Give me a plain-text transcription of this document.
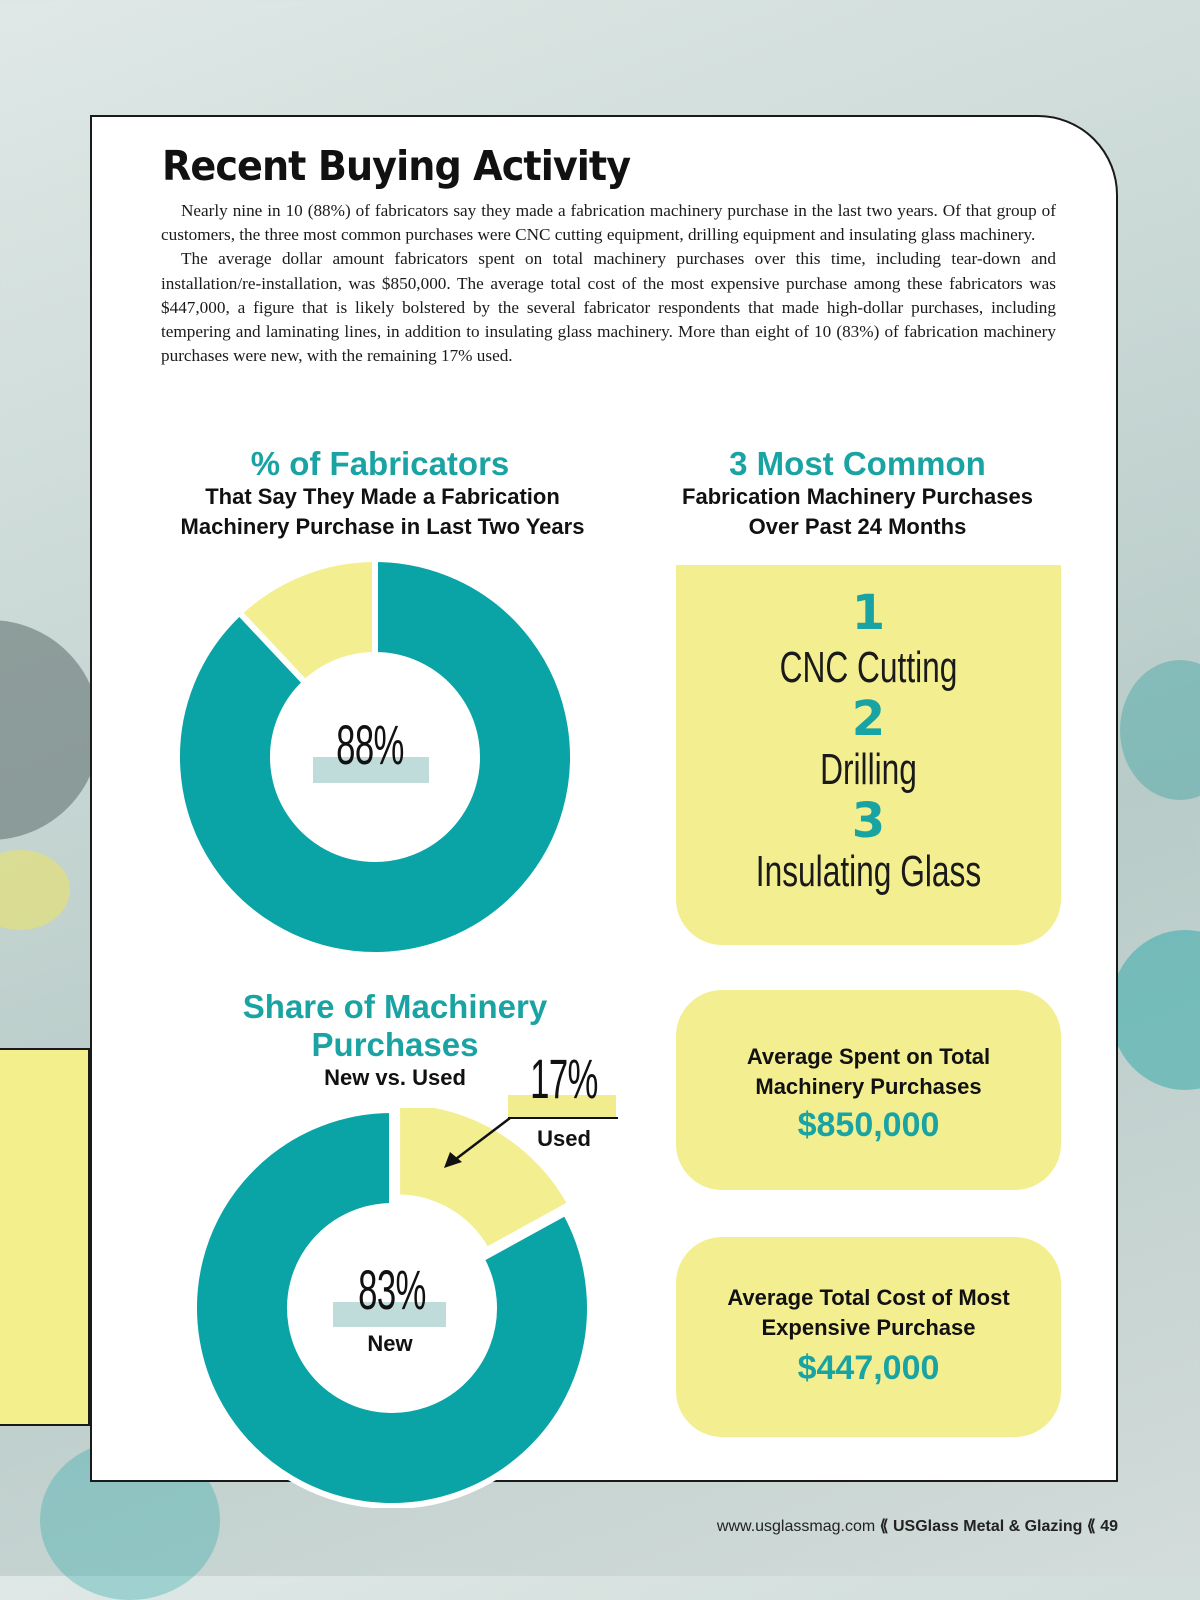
Recent Buying Activity

Nearly nine in 10 (88%) of fabricators say they made a fabrication machinery purchase in the last two years. Of that group of customers, the three most common purchases were CNC cutting equipment, drilling equipment and insulating glass machinery.

The average dollar amount fabricators spent on total machinery purchases over this time, including tear-down and installation/re-installation, was $850,000. The average total cost of the most expensive purchase among these fabricators was $447,000, a figure that is likely bolstered by the several fabricator respondents that made high-dollar purchases, including tempering and laminating lines, in addition to insulating glass machinery. More than eight of 10 (83%) of fabrication machinery purchases were new, with the remaining 17% used.

% of Fabricators
That Say They Made a Fabrication Machinery Purchase in Last Two Years
88%
3 Most Common
Fabrication Machinery Purchases Over Past 24 Months
1
CNC Cutting
2
Drilling
3
Insulating Glass
Share of Machinery Purchases
New vs. Used	17%
Used
83%
New
Average Spent on Total Machinery Purchases
$850,000
Average Total Cost of Most Expensive Purchase
$447,000
www.usglassmag.com ⟪ USGlass Metal & Glazing ⟪ 49
